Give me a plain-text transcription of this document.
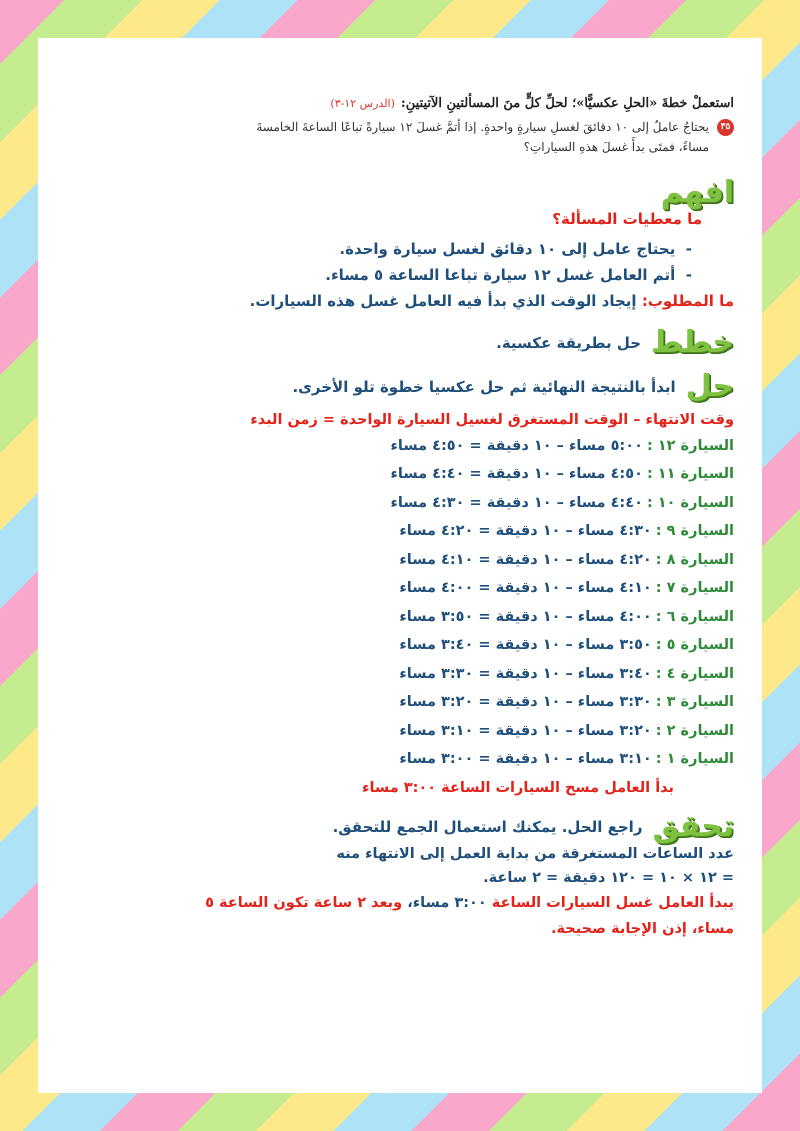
استعملْ خطةَ «الحلِ عكسيًّا»؛ لحلِّ كلٍّ منَ المسألتينِ الآتيتينِ:
(الدرس ١٢-٣)
٣٥
يحتاجُ عاملٌ إلى ١٠ دقائقَ لغسلِ سيارةٍ واحدةٍ. إذا أتمَّ غسلَ ١٢ سيارةً تباعًا الساعةَ الخامسةَ مساءً، فمتَى بدأَ غسلَ هذهِ السياراتِ؟
افهم
ما معطيات المسألة؟
-  يحتاج عامل إلى ١٠ دقائق لغسل سيارة واحدة.
-  أتم العامل غسل ١٢ سيارة تباعا الساعة ٥ مساء.
ما المطلوب: إيجاد الوقت الذي بدأ فيه العامل غسل هذه السيارات.
خطط
حل بطريقة عكسية.
حل
ابدأ بالنتيجة النهائية ثم حل عكسيا خطوة تلو الأخرى.
وقت الانتهاء – الوقت المستغرق لغسيل السيارة الواحدة = زمن البدء
السيارة ١٢ :
٥:٠٠ مساء – ١٠ دقيقة = ٤:٥٠ مساء
السيارة ١١ :
٤:٥٠ مساء – ١٠ دقيقة = ٤:٤٠ مساء
السيارة ١٠ :
٤:٤٠ مساء – ١٠ دقيقة = ٤:٣٠ مساء
السيارة ٩ :
٤:٣٠ مساء – ١٠ دقيقة = ٤:٢٠ مساء
السيارة ٨ :
٤:٢٠ مساء – ١٠ دقيقة = ٤:١٠ مساء
السيارة ٧ :
٤:١٠ مساء – ١٠ دقيقة = ٤:٠٠ مساء
السيارة ٦ :
٤:٠٠ مساء – ١٠ دقيقة = ٣:٥٠ مساء
السيارة ٥ :
٣:٥٠ مساء – ١٠ دقيقة = ٣:٤٠ مساء
السيارة ٤ :
٣:٤٠ مساء – ١٠ دقيقة = ٣:٣٠ مساء
السيارة ٣ :
٣:٣٠ مساء – ١٠ دقيقة = ٣:٢٠ مساء
السيارة ٢ :
٣:٢٠ مساء – ١٠ دقيقة = ٣:١٠ مساء
السيارة ١ :
٣:١٠ مساء – ١٠ دقيقة = ٣:٠٠ مساء
بدأ العامل مسح السيارات الساعة ٣:٠٠ مساء
تحقق
راجع الحل. يمكنك استعمال الجمع للتحقق.
عدد الساعات المستغرقة من بداية العمل إلى الانتهاء منه
= ١٢ × ١٠ = ١٢٠ دقيقة = ٢ ساعة.
يبدأ العامل غسل السيارات الساعة ٣:٠٠ مساء، وبعد ٢ ساعة تكون الساعة ٥
مساء، إذن الإجابة صحيحة.
